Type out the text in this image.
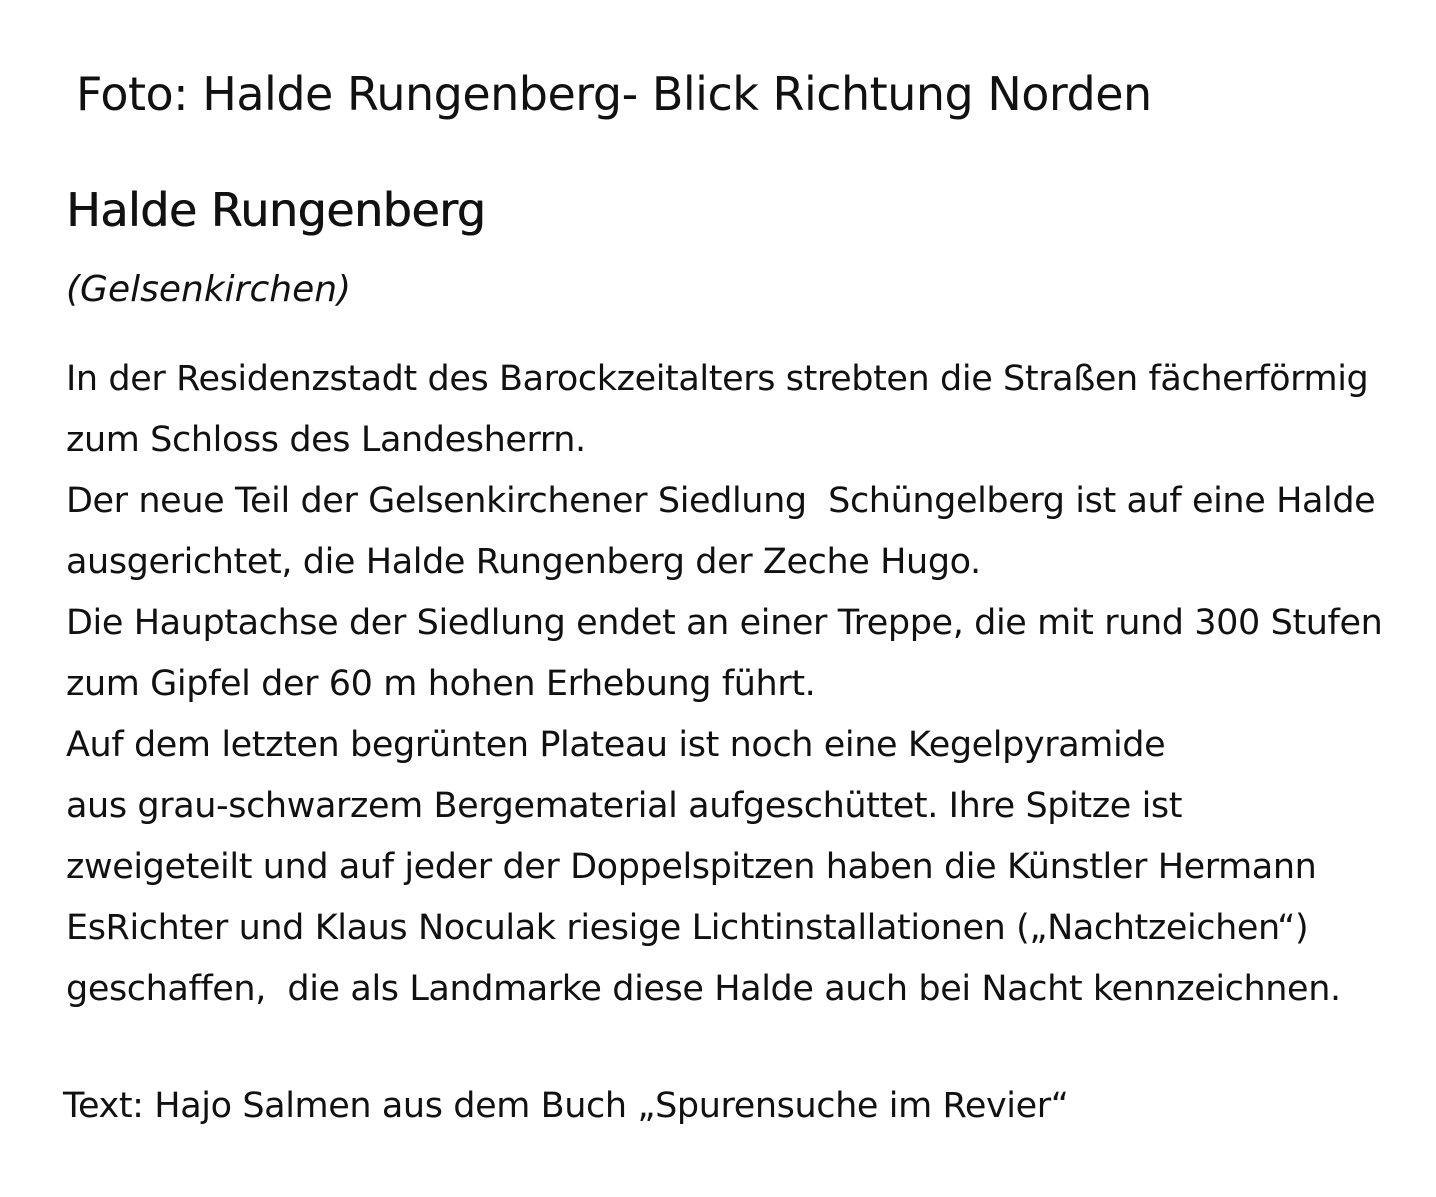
Foto: Halde Rungenberg- Blick Richtung Norden

Halde Rungenberg

(Gelsenkirchen)

In der Residenzstadt des Barockzeitalters strebten die Straßen fächerförmig
zum Schloss des Landesherrn.
Der neue Teil der Gelsenkirchener Siedlung  Schüngelberg ist auf eine Halde
ausgerichtet, die Halde Rungenberg der Zeche Hugo.
Die Hauptachse der Siedlung endet an einer Treppe, die mit rund 300 Stufen
zum Gipfel der 60 m hohen Erhebung führt.
Auf dem letzten begrünten Plateau ist noch eine Kegelpyramide
aus grau-schwarzem Bergematerial aufgeschüttet. Ihre Spitze ist
zweigeteilt und auf jeder der Doppelspitzen haben die Künstler Hermann
EsRichter und Klaus Noculak riesige Lichtinstallationen („Nachtzeichen“)
geschaffen,  die als Landmarke diese Halde auch bei Nacht kennzeichnen.

Text: Hajo Salmen aus dem Buch „Spurensuche im Revier“
